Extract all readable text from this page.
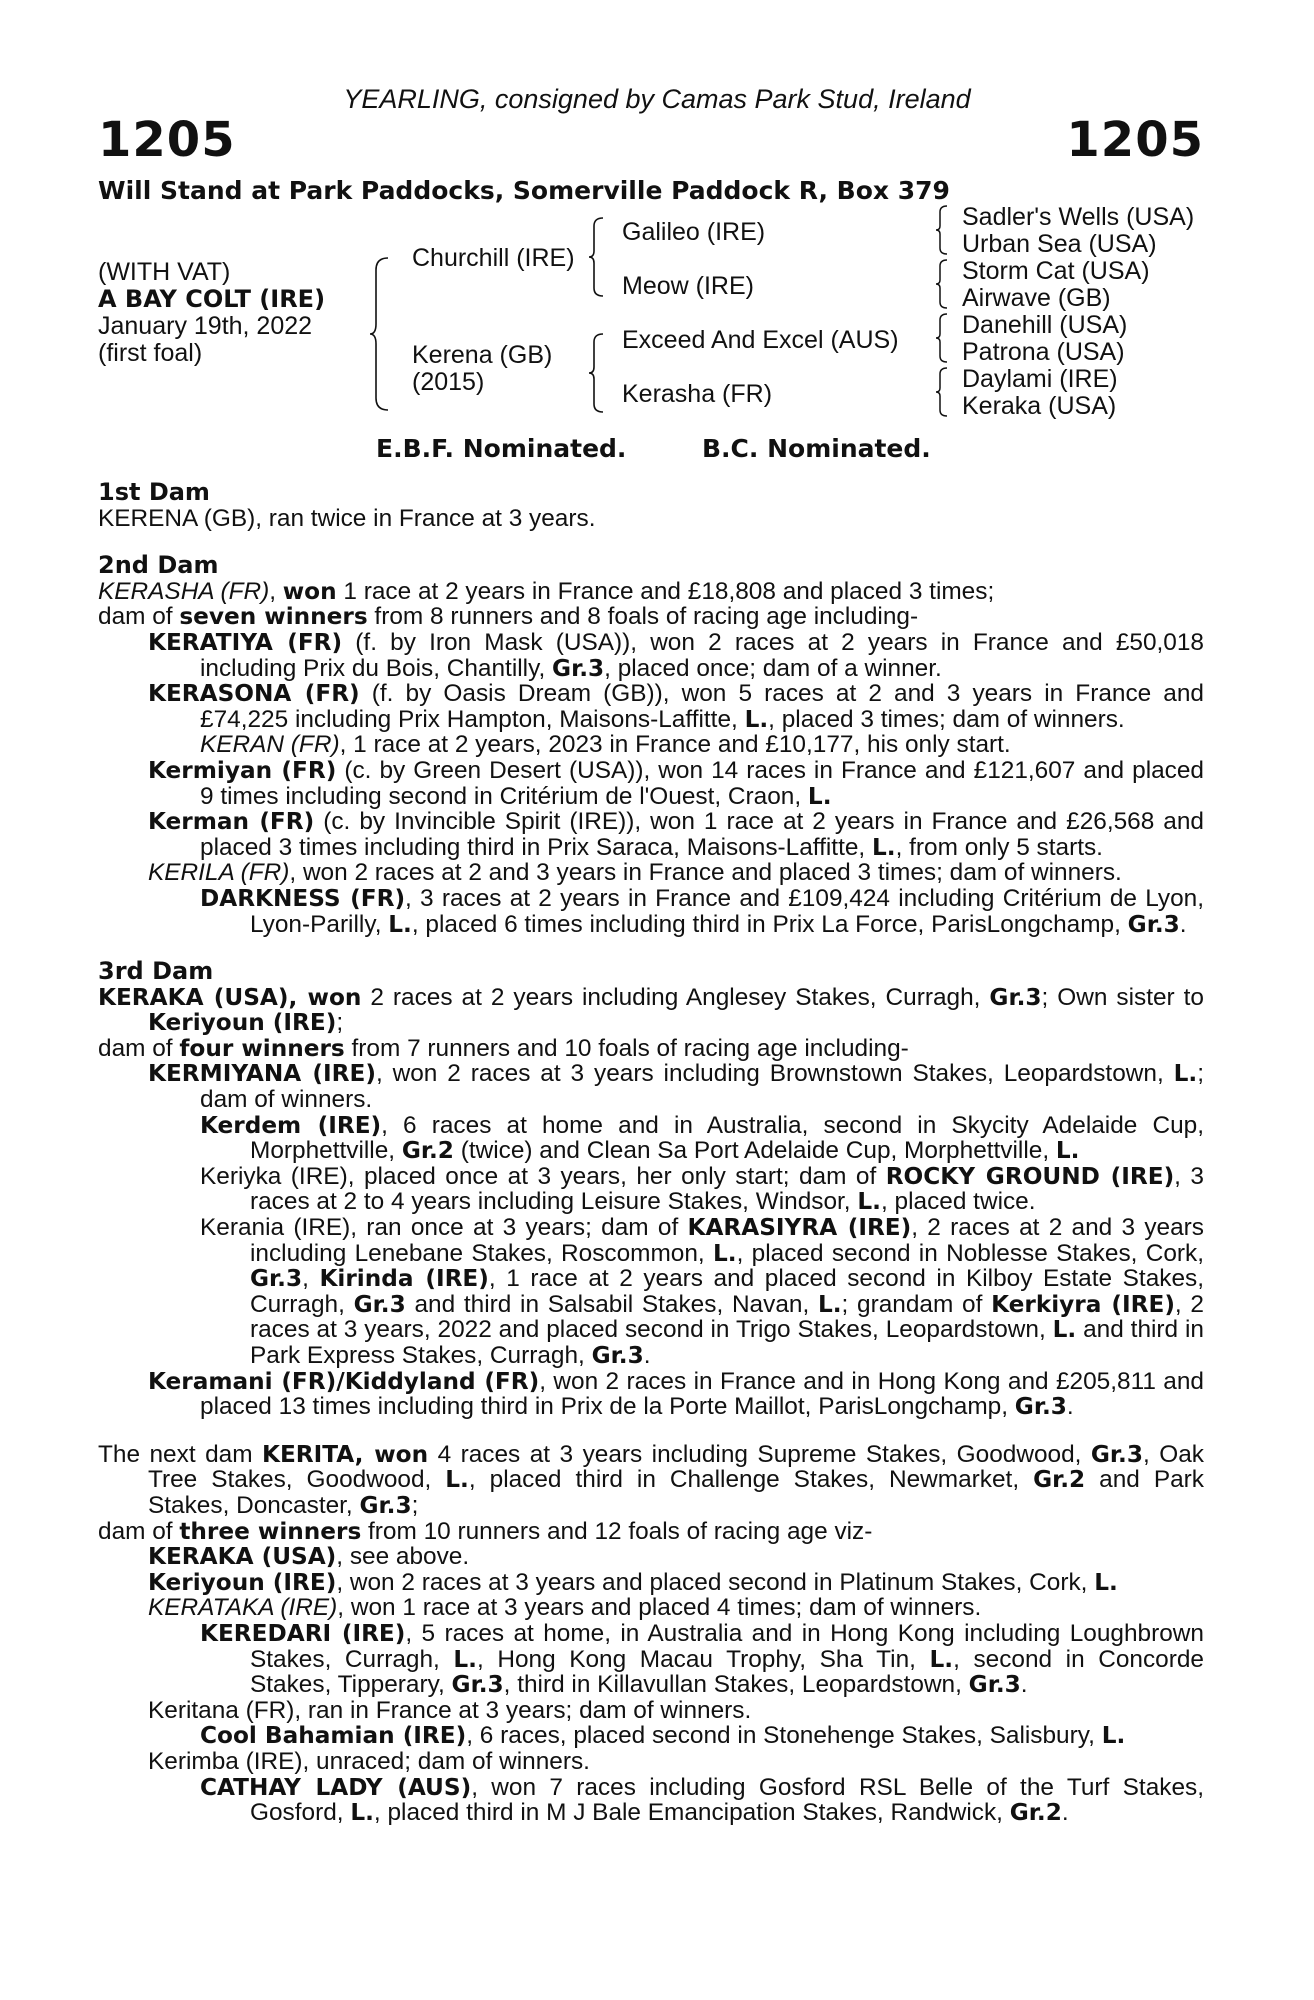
YEARLING, consigned by Camas Park Stud, Ireland
1205	1205
Will Stand at Park Paddocks, Somerville Paddock R, Box 379
(WITH VAT)
A BAY COLT (IRE)
January 19th, 2022
(first foal)
Churchill (IRE)
Kerena (GB)
(2015)
Galileo (IRE)
Meow (IRE)
Exceed And Excel (AUS)
Kerasha (FR)
Sadler's Wells (USA)
Urban Sea (USA)
Storm Cat (USA)
Airwave (GB)
Danehill (USA)
Patrona (USA)
Daylami (IRE)
Keraka (USA)
E.B.F. Nominated.	B.C. Nominated.
1st Dam
KERENA (GB), ran twice in France at 3 years.
2nd Dam
KERASHA (FR), won 1 race at 2 years in France and £18,808 and placed 3 times;
dam of seven winners from 8 runners and 8 foals of racing age including-
KERATIYA (FR) (f. by Iron Mask (USA)), won 2 races at 2 years in France and £50,018 including Prix du Bois, Chantilly, Gr.3, placed once; dam of a winner.
KERASONA (FR) (f. by Oasis Dream (GB)), won 5 races at 2 and 3 years in France and £74,225 including Prix Hampton, Maisons-Laffitte, L., placed 3 times; dam of winners.
KERAN (FR), 1 race at 2 years, 2023 in France and £10,177, his only start.
Kermiyan (FR) (c. by Green Desert (USA)), won 14 races in France and £121,607 and placed 9 times including second in Critérium de l'Ouest, Craon, L.
Kerman (FR) (c. by Invincible Spirit (IRE)), won 1 race at 2 years in France and £26,568 and placed 3 times including third in Prix Saraca, Maisons-Laffitte, L., from only 5 starts.
KERILA (FR), won 2 races at 2 and 3 years in France and placed 3 times; dam of winners.
DARKNESS (FR), 3 races at 2 years in France and £109,424 including Critérium de Lyon, Lyon-Parilly, L., placed 6 times including third in Prix La Force, ParisLongchamp, Gr.3.
3rd Dam
KERAKA (USA), won 2 races at 2 years including Anglesey Stakes, Curragh, Gr.3; Own sister to Keriyoun (IRE);
dam of four winners from 7 runners and 10 foals of racing age including-
KERMIYANA (IRE), won 2 races at 3 years including Brownstown Stakes, Leopardstown, L.; dam of winners.
Kerdem (IRE), 6 races at home and in Australia, second in Skycity Adelaide Cup, Morphettville, Gr.2 (twice) and Clean Sa Port Adelaide Cup, Morphettville, L.
Keriyka (IRE), placed once at 3 years, her only start; dam of ROCKY GROUND (IRE), 3 races at 2 to 4 years including Leisure Stakes, Windsor, L., placed twice.
Kerania (IRE), ran once at 3 years; dam of KARASIYRA (IRE), 2 races at 2 and 3 years including Lenebane Stakes, Roscommon, L., placed second in Noblesse Stakes, Cork, Gr.3, Kirinda (IRE), 1 race at 2 years and placed second in Kilboy Estate Stakes, Curragh, Gr.3 and third in Salsabil Stakes, Navan, L.; grandam of Kerkiyra (IRE), 2 races at 3 years, 2022 and placed second in Trigo Stakes, Leopardstown, L. and third in Park Express Stakes, Curragh, Gr.3.
Keramani (FR)/Kiddyland (FR), won 2 races in France and in Hong Kong and £205,811 and placed 13 times including third in Prix de la Porte Maillot, ParisLongchamp, Gr.3.
The next dam KERITA, won 4 races at 3 years including Supreme Stakes, Goodwood, Gr.3, Oak Tree Stakes, Goodwood, L., placed third in Challenge Stakes, Newmarket, Gr.2 and Park Stakes, Doncaster, Gr.3;
dam of three winners from 10 runners and 12 foals of racing age viz-
KERAKA (USA), see above.
Keriyoun (IRE), won 2 races at 3 years and placed second in Platinum Stakes, Cork, L.
KERATAKA (IRE), won 1 race at 3 years and placed 4 times; dam of winners.
KEREDARI (IRE), 5 races at home, in Australia and in Hong Kong including Loughbrown Stakes, Curragh, L., Hong Kong Macau Trophy, Sha Tin, L., second in Concorde Stakes, Tipperary, Gr.3, third in Killavullan Stakes, Leopardstown, Gr.3.
Keritana (FR), ran in France at 3 years; dam of winners.
Cool Bahamian (IRE), 6 races, placed second in Stonehenge Stakes, Salisbury, L.
Kerimba (IRE), unraced; dam of winners.
CATHAY LADY (AUS), won 7 races including Gosford RSL Belle of the Turf Stakes, Gosford, L., placed third in M J Bale Emancipation Stakes, Randwick, Gr.2.
